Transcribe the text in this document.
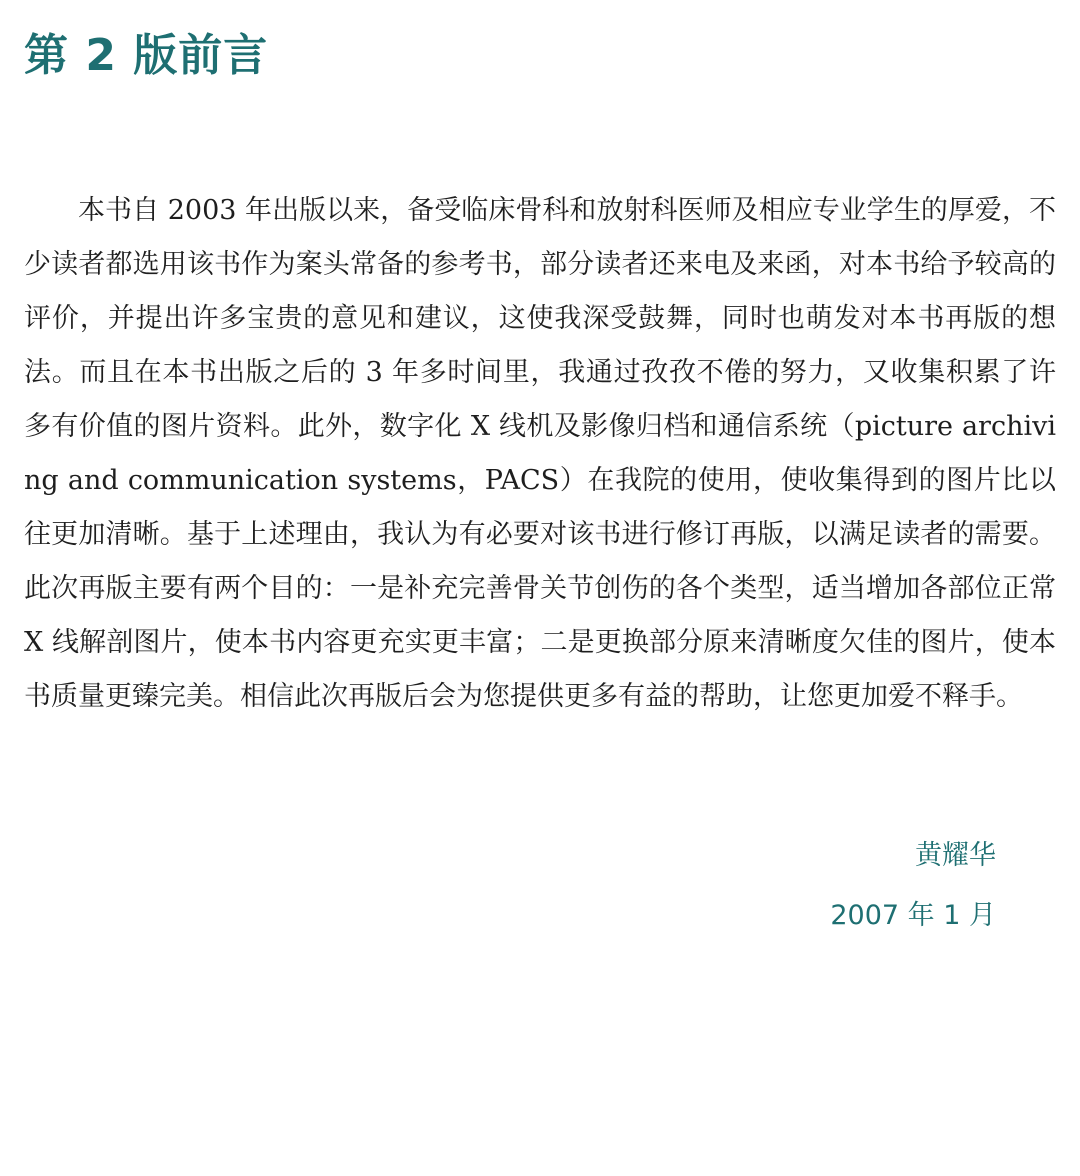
第 2 版前言

本书自 2003 年出版以来，备受临床骨科和放射科医师及相应专业学生的厚爱，不少读者都选用该书作为案头常备的参考书，部分读者还来电及来函，对本书给予较高的评价，并提出许多宝贵的意见和建议，这使我深受鼓舞，同时也萌发对本书再版的想法。而且在本书出版之后的 3 年多时间里，我通过孜孜不倦的努力，又收集积累了许多有价值的图片资料。此外，数字化 X 线机及影像归档和通信系统（picture archiving and communication systems，PACS）在我院的使用，使收集得到的图片比以往更加清晰。基于上述理由，我认为有必要对该书进行修订再版，以满足读者的需要。此次再版主要有两个目的：一是补充完善骨关节创伤的各个类型，适当增加各部位正常 X 线解剖图片，使本书内容更充实更丰富；二是更换部分原来清晰度欠佳的图片，使本书质量更臻完美。相信此次再版后会为您提供更多有益的帮助，让您更加爱不释手。

黄耀华

2007 年 1 月
